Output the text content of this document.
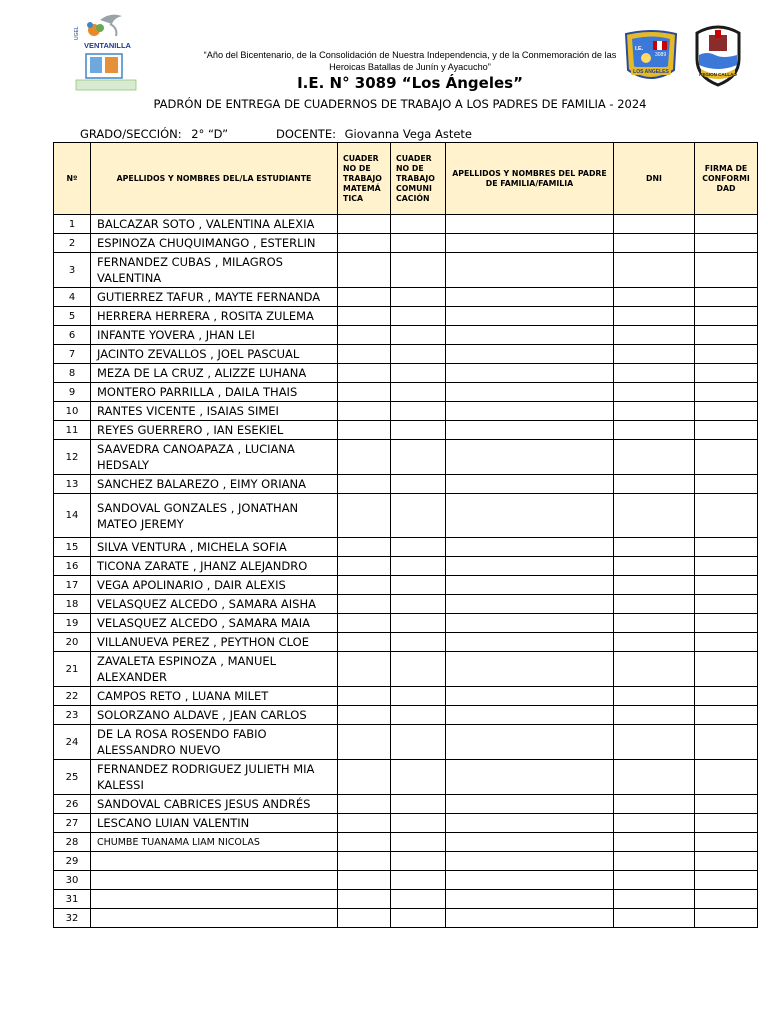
UGEL
VENTANILLA	I.E.
3089
LOS ANGELES	REGION CALLAO
“Año del Bicentenario, de la Consolidación de Nuestra Independencia, y de la Conmemoración de las Heroicas Batallas de Junín y Ayacucho”
I.E. N° 3089 “Los Ángeles”
PADRÓN DE ENTREGA DE CUADERNOS DE TRABAJO A LOS PADRES DE FAMILIA - 2024
GRADO/SECCIÓN: 2° “D”	DOCENTE: Giovanna Vega Astete
Nº	APELLIDOS Y NOMBRES DEL/LA ESTUDIANTE	CUADER NO DE TRABAJO MATEMÁ TICA	CUADER NO DE TRABAJO COMUNI CACIÓN	APELLIDOS Y NOMBRES DEL PADRE DE FAMILIA/FAMILIA	DNI	FIRMA DE CONFORMI DAD
1	BALCAZAR SOTO , VALENTINA ALEXIA					
2	ESPINOZA CHUQUIMANGO , ESTERLIN					
3	FERNANDEZ CUBAS , MILAGROS VALENTINA					
4	GUTIERREZ TAFUR , MAYTE FERNANDA					
5	HERRERA HERRERA , ROSITA ZULEMA					
6	INFANTE YOVERA , JHAN LEI					
7	JACINTO ZEVALLOS , JOEL PASCUAL					
8	MEZA DE LA CRUZ , ALIZZE LUHANA					
9	MONTERO PARRILLA , DAILA THAIS					
10	RANTES VICENTE , ISAIAS SIMEI					
11	REYES GUERRERO , IAN ESEKIEL					
12	SAAVEDRA CANOAPAZA , LUCIANA HEDSALY					
13	SANCHEZ BALAREZO , EIMY ORIANA					
14	SANDOVAL GONZALES , JONATHAN MATEO JEREMY					
15	SILVA VENTURA , MICHELA SOFIA					
16	TICONA ZARATE , JHANZ ALEJANDRO					
17	VEGA APOLINARIO , DAIR ALEXIS					
18	VELASQUEZ ALCEDO , SAMARA AISHA					
19	VELASQUEZ ALCEDO , SAMARA MAIA					
20	VILLANUEVA PEREZ , PEYTHON CLOE					
21	ZAVALETA ESPINOZA , MANUEL ALEXANDER					
22	CAMPOS RETO , LUANA MILET					
23	SOLORZANO ALDAVE , JEAN CARLOS					
24	DE LA ROSA ROSENDO FABIO ALESSANDRO NUEVO					
25	FERNANDEZ RODRIGUEZ JULIETH MIA KALESSI					
26	SANDOVAL CABRICES JESUS ANDRÉS					
27	LESCANO LUIAN VALENTIN					
28	CHUMBE TUANAMA LIAM NICOLAS					
29						
30						
31						
32						
